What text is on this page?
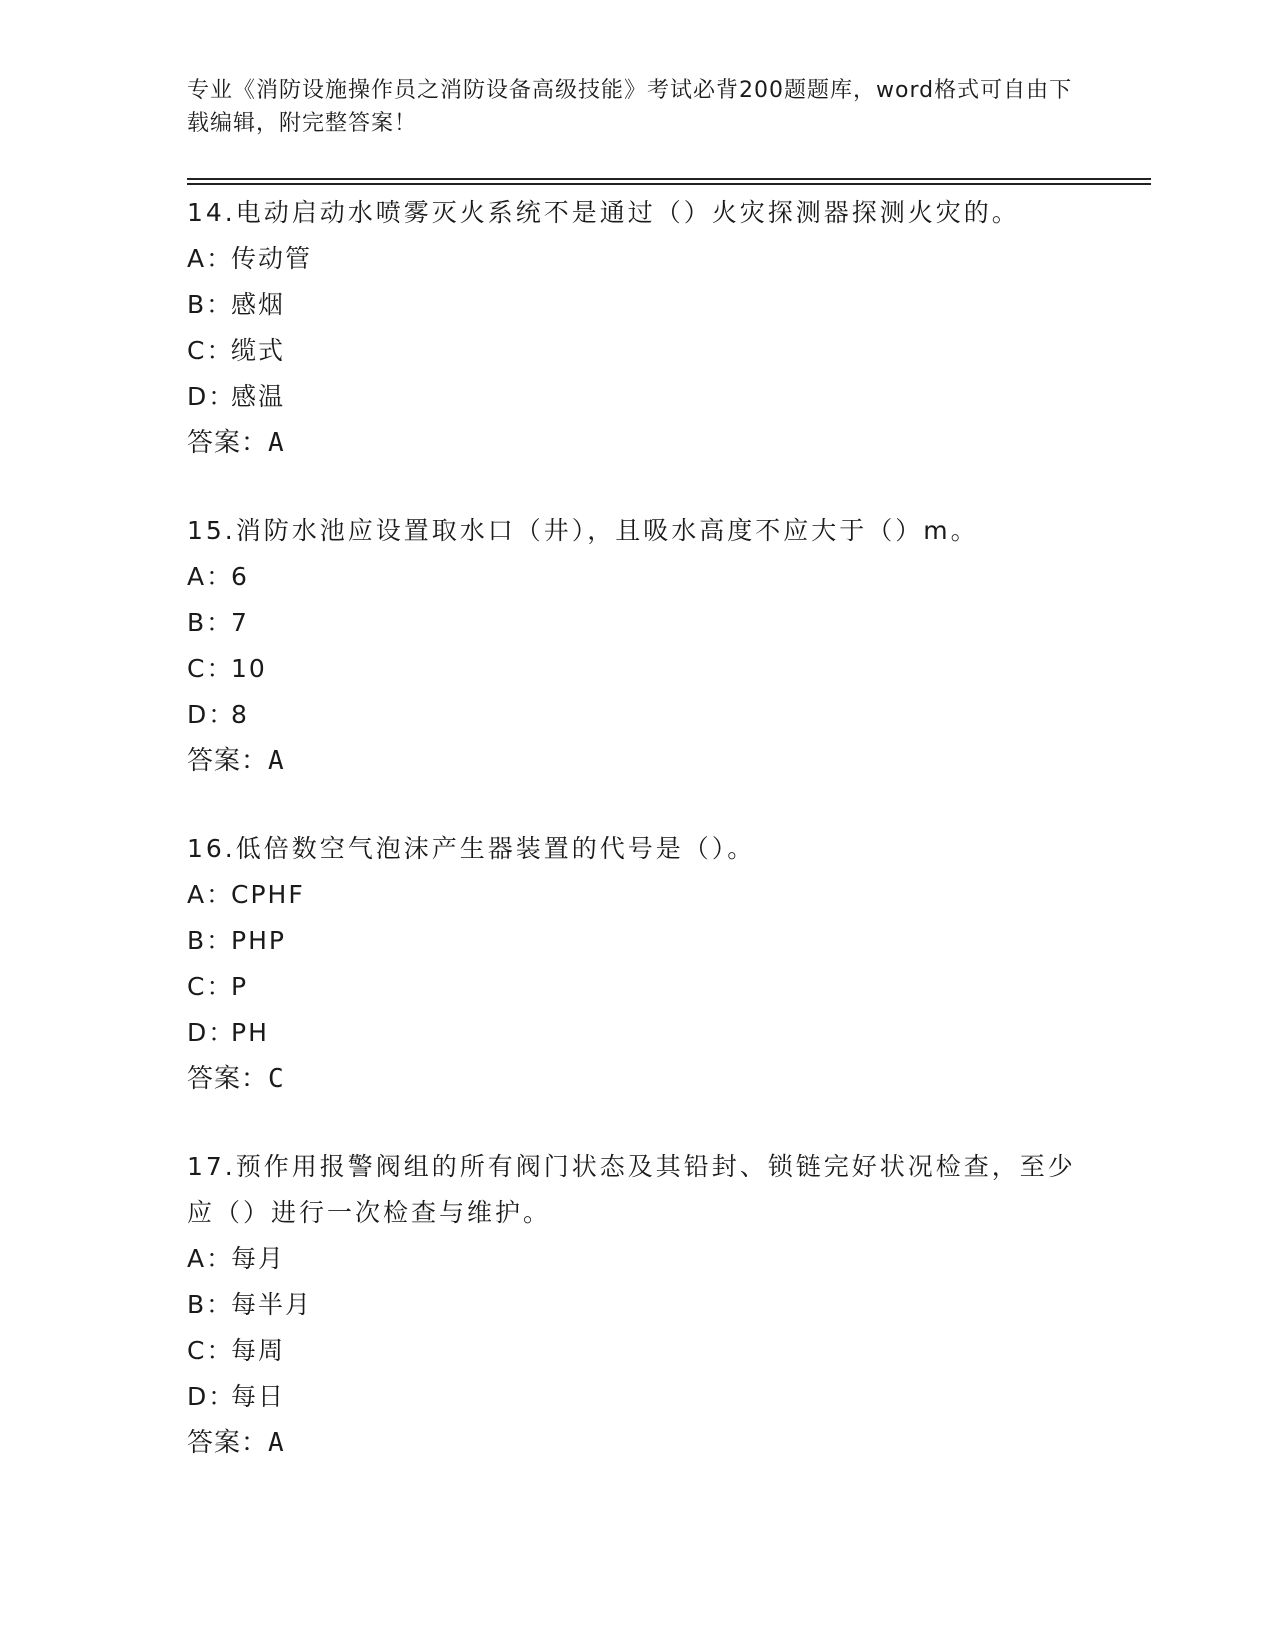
专业《消防设施操作员之消防设备高级技能》考试必背200题题库，word格式可自由下载编辑，附完整答案！

14.电动启动水喷雾灭火系统不是通过（）火灾探测器探测火灾的。

A：
传动管

B：
感烟

C：
缆式

D：
感温

答案：A

15.消防水池应设置取水口（井），且吸水高度不应大于（）m。

A：
6

B：
7

C：
10

D：
8

答案：A

16.低倍数空气泡沫产生器装置的代号是（）。

A：
CPHF

B：
PHP

C：
P

D：
PH

答案：C

17.预作用报警阀组的所有阀门状态及其铅封、锁链完好状况检查，至少应（）进行一次检查与维护。

A：
每月

B：
每半月

C：
每周

D：
每日

答案：A
